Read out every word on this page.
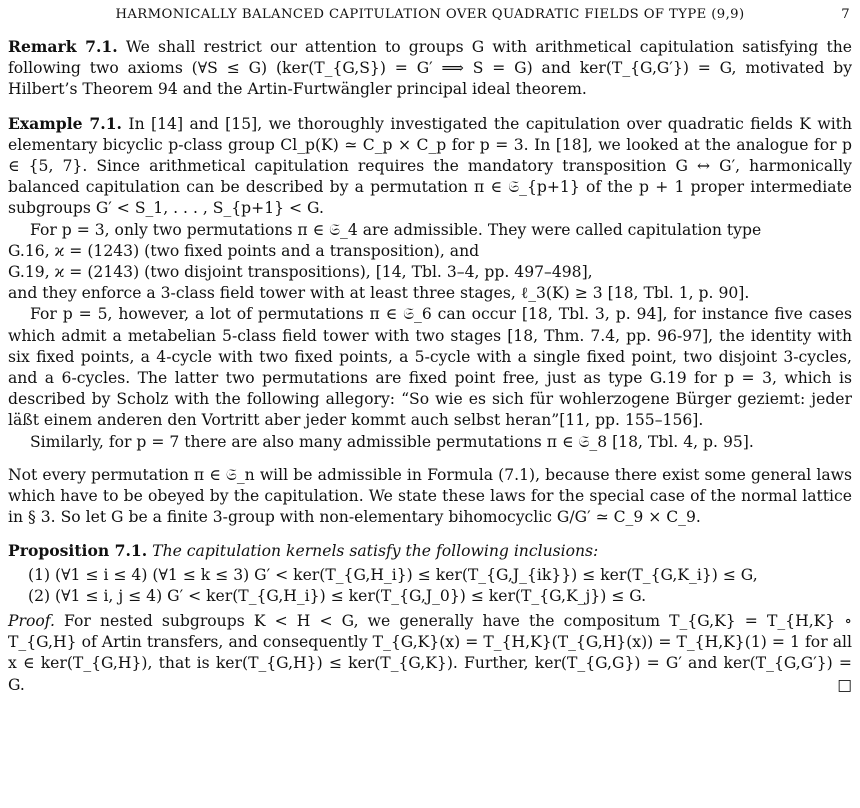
HARMONICALLY BALANCED CAPITULATION OVER QUADRATIC FIELDS OF TYPE (9,9)	7

Remark 7.1. We shall restrict our attention to groups G with arithmetical capitulation satisfying the following two axioms (∀S ≤ G) (ker(T_{G,S}) = G′ ⟹ S = G) and ker(T_{G,G′}) = G, motivated by Hilbert’s Theorem 94 and the Artin-Furtwängler principal ideal theorem.

Example 7.1. In [14] and [15], we thoroughly investigated the capitulation over quadratic fields K with elementary bicyclic p-class group Cl_p(K) ≃ C_p × C_p for p = 3. In [18], we looked at the analogue for p ∈ {5, 7}. Since arithmetical capitulation requires the mandatory transposition G ↔ G′, harmonically balanced capitulation can be described by a permutation π ∈ 𝔖_{p+1} of the p + 1 proper intermediate subgroups G′ < S_1, . . . , S_{p+1} < G.

For p = 3, only two permutations π ∈ 𝔖_4 are admissible. They were called capitulation type

G.16, ϰ = (1243) (two fixed points and a transposition), and

G.19, ϰ = (2143) (two disjoint transpositions), [14, Tbl. 3–4, pp. 497–498],

and they enforce a 3-class field tower with at least three stages, ℓ_3(K) ≥ 3 [18, Tbl. 1, p. 90].

For p = 5, however, a lot of permutations π ∈ 𝔖_6 can occur [18, Tbl. 3, p. 94], for instance five cases which admit a metabelian 5-class field tower with two stages [18, Thm. 7.4, pp. 96-97], the identity with six fixed points, a 4-cycle with two fixed points, a 5-cycle with a single fixed point, two disjoint 3-cycles, and a 6-cycles. The latter two permutations are fixed point free, just as type G.19 for p = 3, which is described by Scholz with the following allegory: “So wie es sich für wohlerzogene Bürger geziemt: jeder läßt einem anderen den Vortritt aber jeder kommt auch selbst heran”[11, pp. 155–156].

Similarly, for p = 7 there are also many admissible permutations π ∈ 𝔖_8 [18, Tbl. 4, p. 95].

Not every permutation π ∈ 𝔖_n will be admissible in Formula (7.1), because there exist some general laws which have to be obeyed by the capitulation. We state these laws for the special case of the normal lattice in § 3. So let G be a finite 3-group with non-elementary bihomocyclic G/G′ ≃ C_9 × C_9.

Proposition 7.1. The capitulation kernels satisfy the following inclusions:

(1) (∀1 ≤ i ≤ 4) (∀1 ≤ k ≤ 3) G′ < ker(T_{G,H_i}) ≤ ker(T_{G,J_{ik}}) ≤ ker(T_{G,K_i}) ≤ G,
(2) (∀1 ≤ i, j ≤ 4) G′ < ker(T_{G,H_i}) ≤ ker(T_{G,J_0}) ≤ ker(T_{G,K_j}) ≤ G.

Proof. For nested subgroups K < H < G, we generally have the compositum T_{G,K} = T_{H,K} ∘ T_{G,H} of Artin transfers, and consequently T_{G,K}(x) = T_{H,K}(T_{G,H}(x)) = T_{H,K}(1) = 1 for all x ∈ ker(T_{G,H}), that is ker(T_{G,H}) ≤ ker(T_{G,K}). Further, ker(T_{G,G}) = G′ and ker(T_{G,G′}) = G.	□
